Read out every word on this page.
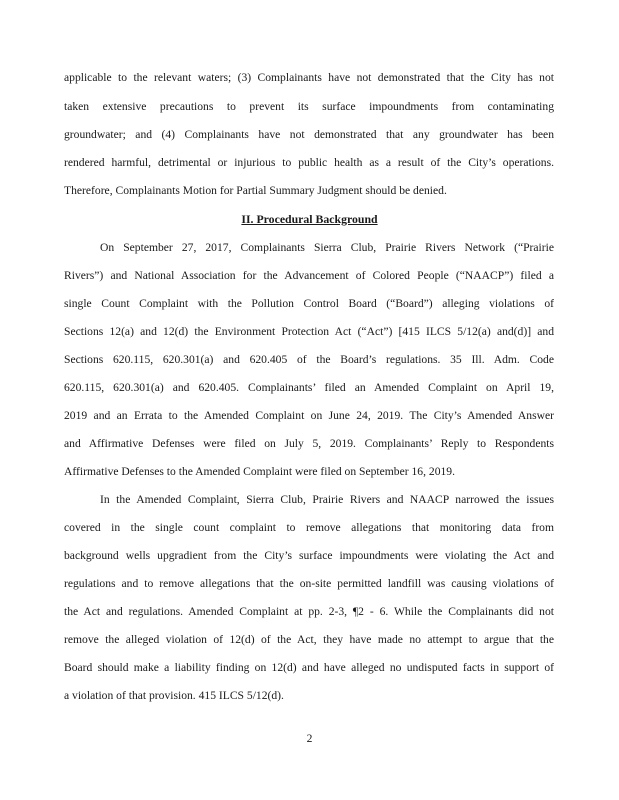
applicable to the relevant waters; (3) Complainants have not demonstrated that the City has not
taken extensive precautions to prevent its surface impoundments from contaminating
groundwater; and (4) Complainants have not demonstrated that any groundwater has been
rendered harmful, detrimental or injurious to public health as a result of the City’s operations.
Therefore, Complainants Motion for Partial Summary Judgment should be denied.
II. Procedural Background
On September 27, 2017, Complainants Sierra Club, Prairie Rivers Network (“Prairie
Rivers”) and National Association for the Advancement of Colored People (“NAACP”) filed a
single Count Complaint with the Pollution Control Board (“Board”) alleging violations of
Sections 12(a) and 12(d) the Environment Protection Act (“Act”) [415 ILCS 5/12(a) and(d)] and
Sections 620.115, 620.301(a) and 620.405 of the Board’s regulations. 35 Ill. Adm. Code
620.115, 620.301(a) and 620.405. Complainants’ filed an Amended Complaint on April 19,
2019 and an Errata to the Amended Complaint on June 24, 2019. The City’s Amended Answer
and Affirmative Defenses were filed on July 5, 2019. Complainants’ Reply to Respondents
Affirmative Defenses to the Amended Complaint were filed on September 16, 2019.
In the Amended Complaint, Sierra Club, Prairie Rivers and NAACP narrowed the issues
covered in the single count complaint to remove allegations that monitoring data from
background wells upgradient from the City’s surface impoundments were violating the Act and
regulations and to remove allegations that the on-site permitted landfill was causing violations of
the Act and regulations. Amended Complaint at pp. 2-3, ¶2 - 6. While the Complainants did not
remove the alleged violation of 12(d) of the Act, they have made no attempt to argue that the
Board should make a liability finding on 12(d) and have alleged no undisputed facts in support of
a violation of that provision. 415 ILCS 5/12(d).
2
